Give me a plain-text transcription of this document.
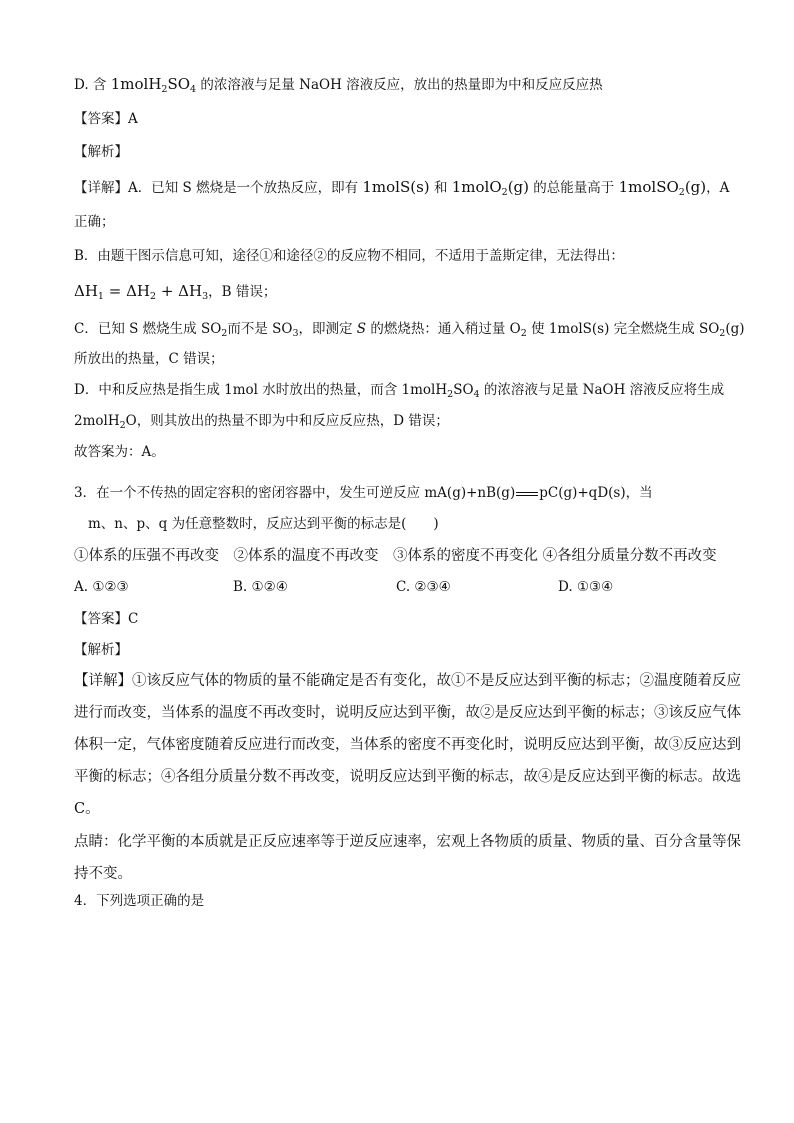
D. 含 $1molH_2SO_4$ 的浓溶液与足量 NaOH 溶液反应，放出的热量即为中和反应反应热
【答案】A
【解析】
【详解】A．已知 S 燃烧是一个放热反应，即有 1molS(s) 和 1molO$_2$(g) 的总能量高于 1molSO$_2$(g)，A
正确；
B．由题干图示信息可知，途径①和途径②的反应物不相同，不适用于盖斯定律，无法得出：
$\Delta H_1 = \Delta H_2 + \Delta H_3$，B 错误；
C．已知 S 燃烧生成 $SO_2$而不是 $SO_3$，即测定 S 的燃烧热：通入稍过量 $O_2$ 使 1molS(s) 完全燃烧生成 $SO_2(g)$
所放出的热量，C 错误；
D．中和反应热是指生成 1mol 水时放出的热量，而含 $1molH_2SO_4$ 的浓溶液与足量 NaOH 溶液反应将生成
2molH$_2$O，则其放出的热量不即为中和反应反应热，D 错误；
故答案为：A。
3．在一个不传热的固定容积的密闭容器中，发生可逆反应 mA(g)+nB(g) pC(g)+qD(s)，当
m、n、p、q 为任意整数时，反应达到平衡的标志是(　　)
①体系的压强不再改变　②体系的温度不再改变　③体系的密度不再变化 ④各组分质量分数不再改变
A. ①②③	B. ①②④	C. ②③④	D. ①③④
【答案】C
【解析】
【详解】①该反应气体的物质的量不能确定是否有变化，故①不是反应达到平衡的标志；②温度随着反应
进行而改变，当体系的温度不再改变时，说明反应达到平衡，故②是反应达到平衡的标志；③该反应气体
体积一定，气体密度随着反应进行而改变，当体系的密度不再变化时，说明反应达到平衡，故③反应达到
平衡的标志；④各组分质量分数不再改变，说明反应达到平衡的标志，故④是反应达到平衡的标志。故选
C。
点睛：化学平衡的本质就是正反应速率等于逆反应速率，宏观上各物质的质量、物质的量、百分含量等保
持不变。
4．下列选项正确的是
